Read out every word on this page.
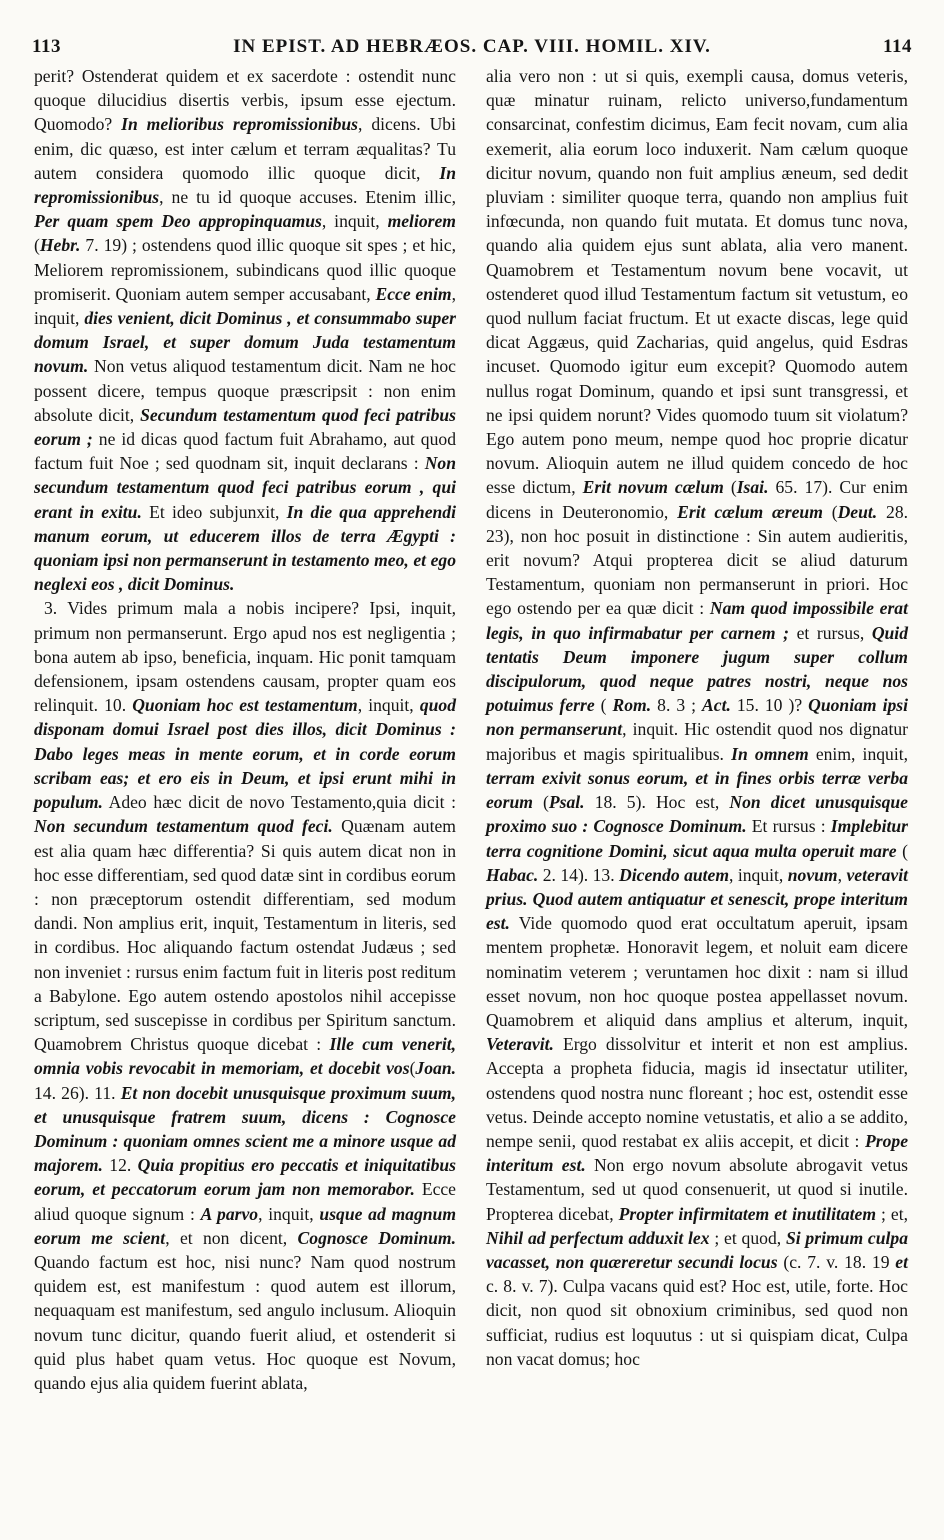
113	IN EPIST. AD HEBRÆOS. CAP. VIII. HOMIL. XIV.	114

perit? Ostenderat quidem et ex sacerdote : ostendit nunc quoque dilucidius disertis verbis, ipsum esse ejectum. Quomodo? In melioribus repromissionibus, dicens. Ubi enim, dic quæso, est inter cælum et terram æqualitas? Tu autem considera quomodo illic quoque dicit, In repromissionibus, ne tu id quoque accuses. Etenim illic, Per quam spem Deo appropinquamus, inquit, meliorem (Hebr. 7. 19) ; ostendens quod illic quoque sit spes ; et hic, Meliorem repromissionem, subindicans quod illic quoque promiserit. Quoniam autem semper accusabant, Ecce enim, inquit, dies venient, dicit Dominus , et consummabo super domum Israel, et super domum Juda testamentum novum. Non vetus aliquod testamentum dicit. Nam ne hoc possent dicere, tempus quoque præscripsit : non enim absolute dicit, Secundum testamentum quod feci patribus eorum ; ne id dicas quod factum fuit Abrahamo, aut quod factum fuit Noe ; sed quodnam sit, inquit declarans : Non secundum testamentum quod feci patribus eorum , qui erant in exitu. Et ideo subjunxit, In die qua apprehendi manum eorum, ut educerem illos de terra Ægypti : quoniam ipsi non permanserunt in testamento meo, et ego neglexi eos , dicit Dominus.

3. Vides primum mala a nobis incipere? Ipsi, inquit, primum non permanserunt. Ergo apud nos est negligentia ; bona autem ab ipso, beneficia, inquam. Hic ponit tamquam defensionem, ipsam ostendens causam, propter quam eos relinquit. 10. Quoniam hoc est testamentum, inquit, quod disponam domui Israel post dies illos, dicit Dominus : Dabo leges meas in mente eorum, et in corde eorum scribam eas; et ero eis in Deum, et ipsi erunt mihi in populum. Adeo hæc dicit de novo Testamento,quia dicit : Non secundum testamentum quod feci. Quænam autem est alia quam hæc differentia? Si quis autem dicat non in hoc esse differentiam, sed quod datæ sint in cordibus eorum : non præceptorum ostendit differentiam, sed modum dandi. Non amplius erit, inquit, Testamentum in literis, sed in cordibus. Hoc aliquando factum ostendat Judæus ; sed non inveniet : rursus enim factum fuit in literis post reditum a Babylone. Ego autem ostendo apostolos nihil accepisse scriptum, sed suscepisse in cordibus per Spiritum sanctum. Quamobrem Christus quoque dicebat : Ille cum venerit, omnia vobis revocabit in memoriam, et docebit vos(Joan. 14. 26). 11. Et non docebit unusquisque proximum suum, et unusquisque fratrem suum, dicens : Cognosce Dominum : quoniam omnes scient me a minore usque ad majorem. 12. Quia propitius ero peccatis et iniquitatibus eorum, et peccatorum eorum jam non memorabor. Ecce aliud quoque signum : A parvo, inquit, usque ad magnum eorum me scient, et non dicent, Cognosce Dominum. Quando factum est hoc, nisi nunc? Nam quod nostrum quidem est, est manifestum : quod autem est illorum, nequaquam est manifestum, sed angulo inclusum. Alioquin novum tunc dicitur, quando fuerit aliud, et ostenderit si quid plus habet quam vetus. Hoc quoque est Novum, quando ejus alia quidem fuerint ablata,

alia vero non : ut si quis, exempli causa, domus veteris, quæ minatur ruinam, relicto universo,fundamentum consarcinat, confestim dicimus, Eam fecit novam, cum alia exemerit, alia eorum loco induxerit. Nam cælum quoque dicitur novum, quando non fuit amplius æneum, sed dedit pluviam : similiter quoque terra, quando non amplius fuit infœcunda, non quando fuit mutata. Et domus tunc nova, quando alia quidem ejus sunt ablata, alia vero manent. Quamobrem et Testamentum novum bene vocavit, ut ostenderet quod illud Testamentum factum sit vetustum, eo quod nullum faciat fructum. Et ut exacte discas, lege quid dicat Aggæus, quid Zacharias, quid angelus, quid Esdras incuset. Quomodo igitur eum excepit? Quomodo autem nullus rogat Dominum, quando et ipsi sunt transgressi, et ne ipsi quidem norunt? Vides quomodo tuum sit violatum? Ego autem pono meum, nempe quod hoc proprie dicatur novum. Alioquin autem ne illud quidem concedo de hoc esse dictum, Erit novum cælum (Isai. 65. 17). Cur enim dicens in Deuteronomio, Erit cælum æreum (Deut. 28. 23), non hoc posuit in distinctione : Sin autem audieritis, erit novum? Atqui propterea dicit se aliud daturum Testamentum, quoniam non permanserunt in priori. Hoc ego ostendo per ea quæ dicit : Nam quod impossibile erat legis, in quo infirmabatur per carnem ; et rursus, Quid tentatis Deum imponere jugum super collum discipulorum, quod neque patres nostri, neque nos potuimus ferre ( Rom. 8. 3 ; Act. 15. 10 )? Quoniam ipsi non permanserunt, inquit. Hic ostendit quod nos dignatur majoribus et magis spiritualibus. In omnem enim, inquit, terram exivit sonus eorum, et in fines orbis terræ verba eorum (Psal. 18. 5). Hoc est, Non dicet unusquisque proximo suo : Cognosce Dominum. Et rursus : Implebitur terra cognitione Domini, sicut aqua multa operuit mare ( Habac. 2. 14). 13. Dicendo autem, inquit, novum, veteravit prius. Quod autem antiquatur et senescit, prope interitum est. Vide quomodo quod erat occultatum aperuit, ipsam mentem prophetæ. Honoravit legem, et noluit eam dicere nominatim veterem ; veruntamen hoc dixit : nam si illud esset novum, non hoc quoque postea appellasset novum. Quamobrem et aliquid dans amplius et alterum, inquit, Veteravit. Ergo dissolvitur et interit et non est amplius. Accepta a propheta fiducia, magis id insectatur utiliter, ostendens quod nostra nunc floreant ; hoc est, ostendit esse vetus. Deinde accepto nomine vetustatis, et alio a se addito, nempe senii, quod restabat ex aliis accepit, et dicit : Prope interitum est. Non ergo novum absolute abrogavit vetus Testamentum, sed ut quod consenuerit, ut quod si inutile. Propterea dicebat, Propter infirmitatem et inutilitatem ; et, Nihil ad perfectum adduxit lex ; et quod, Si primum culpa vacasset, non quæreretur secundi locus (c. 7. v. 18. 19 et c. 8. v. 7). Culpa vacans quid est? Hoc est, utile, forte. Hoc dicit, non quod sit obnoxium criminibus, sed quod non sufficiat, rudius est loquutus : ut si quispiam dicat, Culpa non vacat domus; hoc
